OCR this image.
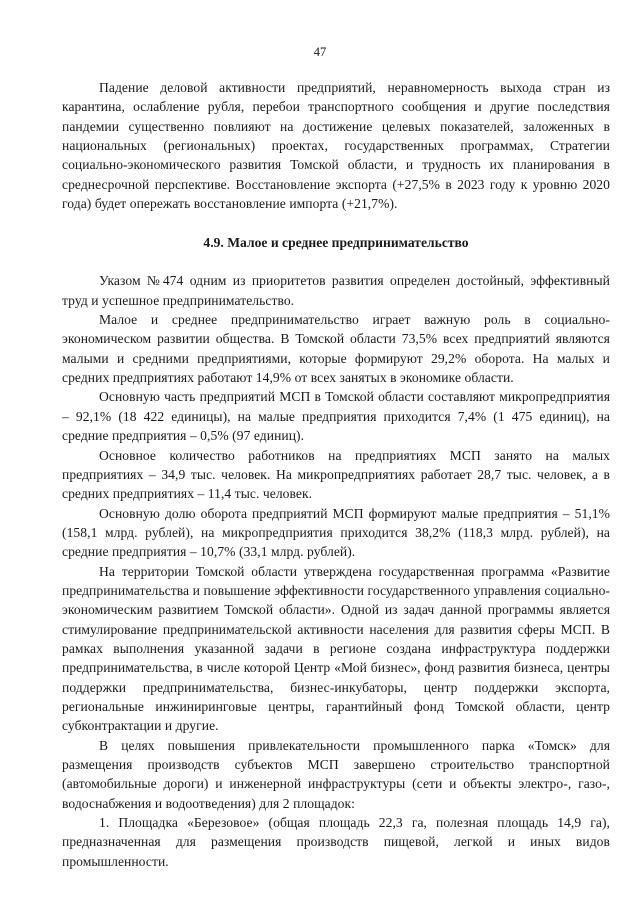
47

Падение деловой активности предприятий, неравномерность выхода стран из карантина, ослабление рубля, перебои транспортного сообщения и другие последствия пандемии существенно повлияют на достижение целевых показателей, заложенных в национальных (региональных) проектах, государственных программах, Стратегии социально-экономического развития Томской области, и трудность их планирования в среднесрочной перспективе. Восстановление экспорта (+27,5% в 2023 году к уровню 2020 года) будет опережать восстановление импорта (+21,7%).

4.9. Малое и среднее предпринимательство

Указом №474 одним из приоритетов развития определен достойный, эффективный труд и успешное предпринимательство.

Малое и среднее предпринимательство играет важную роль в социально-экономическом развитии общества. В Томской области 73,5% всех предприятий являются малыми и средними предприятиями, которые формируют 29,2% оборота. На малых и средних предприятиях работают 14,9% от всех занятых в экономике области.

Основную часть предприятий МСП в Томской области составляют микропредприятия – 92,1% (18 422 единицы), на малые предприятия приходится 7,4% (1 475 единиц), на средние предприятия – 0,5% (97 единиц).

Основное количество работников на предприятиях МСП занято на малых предприятиях – 34,9 тыс. человек. На микропредприятиях работает 28,7 тыс. человек, а в средних предприятиях – 11,4 тыс. человек.

Основную долю оборота предприятий МСП формируют малые предприятия – 51,1% (158,1 млрд. рублей), на микропредприятия приходится 38,2% (118,3 млрд. рублей), на средние предприятия – 10,7% (33,1 млрд. рублей).

На территории Томской области утверждена государственная программа «Развитие предпринимательства и повышение эффективности государственного управления социально-экономическим развитием Томской области». Одной из задач данной программы является стимулирование предпринимательской активности населения для развития сферы МСП. В рамках выполнения указанной задачи в регионе создана инфраструктура поддержки предпринимательства, в числе которой Центр «Мой бизнес», фонд развития бизнеса, центры поддержки предпринимательства, бизнес-инкубаторы, центр поддержки экспорта, региональные инжиниринговые центры, гарантийный фонд Томской области, центр субконтрактации и другие.

В целях повышения привлекательности промышленного парка «Томск» для размещения производств субъектов МСП завершено строительство транспортной (автомобильные дороги) и инженерной инфраструктуры (сети и объекты электро-, газо-, водоснабжения и водоотведения) для 2 площадок:

1. Площадка «Березовое» (общая площадь 22,3 га, полезная площадь 14,9 га), предназначенная для размещения производств пищевой, легкой и иных видов промышленности.
